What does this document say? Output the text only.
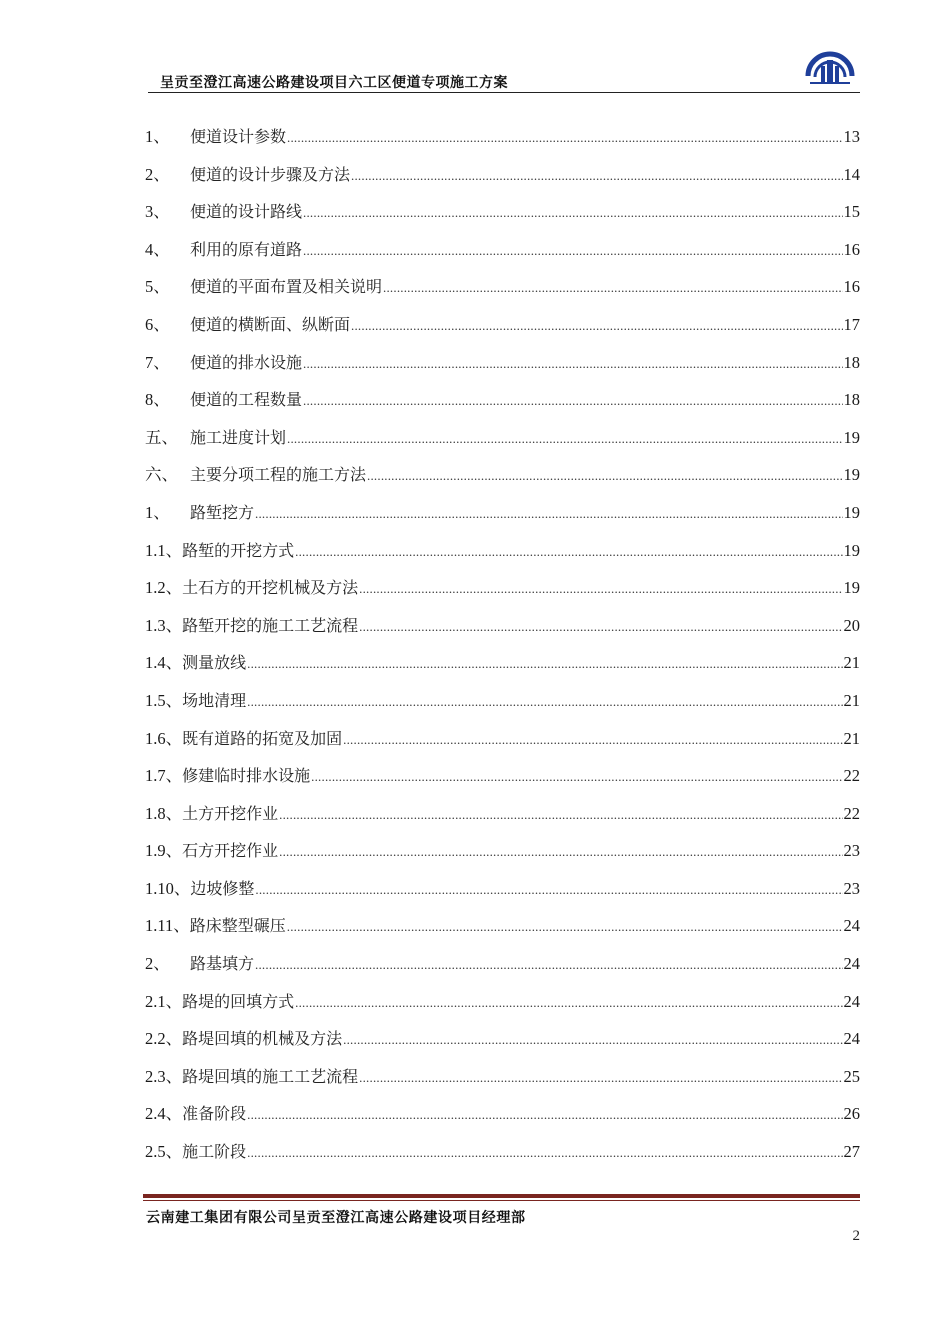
呈贡至澄江高速公路建设项目六工区便道专项施工方案
1、	便道设计参数 .....	13
2、	便道的设计步骤及方法 .....	14
3、	便道的设计路线 .....	15
4、	利用的原有道路 .....	16
5、	便道的平面布置及相关说明 .....	16
6、	便道的横断面、纵断面 .....	17
7、	便道的排水设施 .....	18
8、	便道的工程数量 .....	18
五、 施工进度计划 .....	19
六、 主要分项工程的施工方法 .....	19
1、	路堑挖方 .....	19
1.1、 路堑的开挖方式 .....	19
1.2、 土石方的开挖机械及方法 .....	19
1.3、 路堑开挖的施工工艺流程 .....	20
1.4、 测量放线 .....	21
1.5、 场地清理 .....	21
1.6、 既有道路的拓宽及加固 .....	21
1.7、 修建临时排水设施 .....	22
1.8、 土方开挖作业 .....	22
1.9、 石方开挖作业 .....	23
1.10、 边坡修整 .....	23
1.11、 路床整型碾压 .....	24
2、	路基填方 .....	24
2.1、 路堤的回填方式 .....	24
2.2、 路堤回填的机械及方法 .....	24
2.3、 路堤回填的施工工艺流程 .....	25
2.4、 准备阶段 .....	26
2.5、 施工阶段 .....	27
云南建工集团有限公司呈贡至澄江高速公路建设项目经理部
2
